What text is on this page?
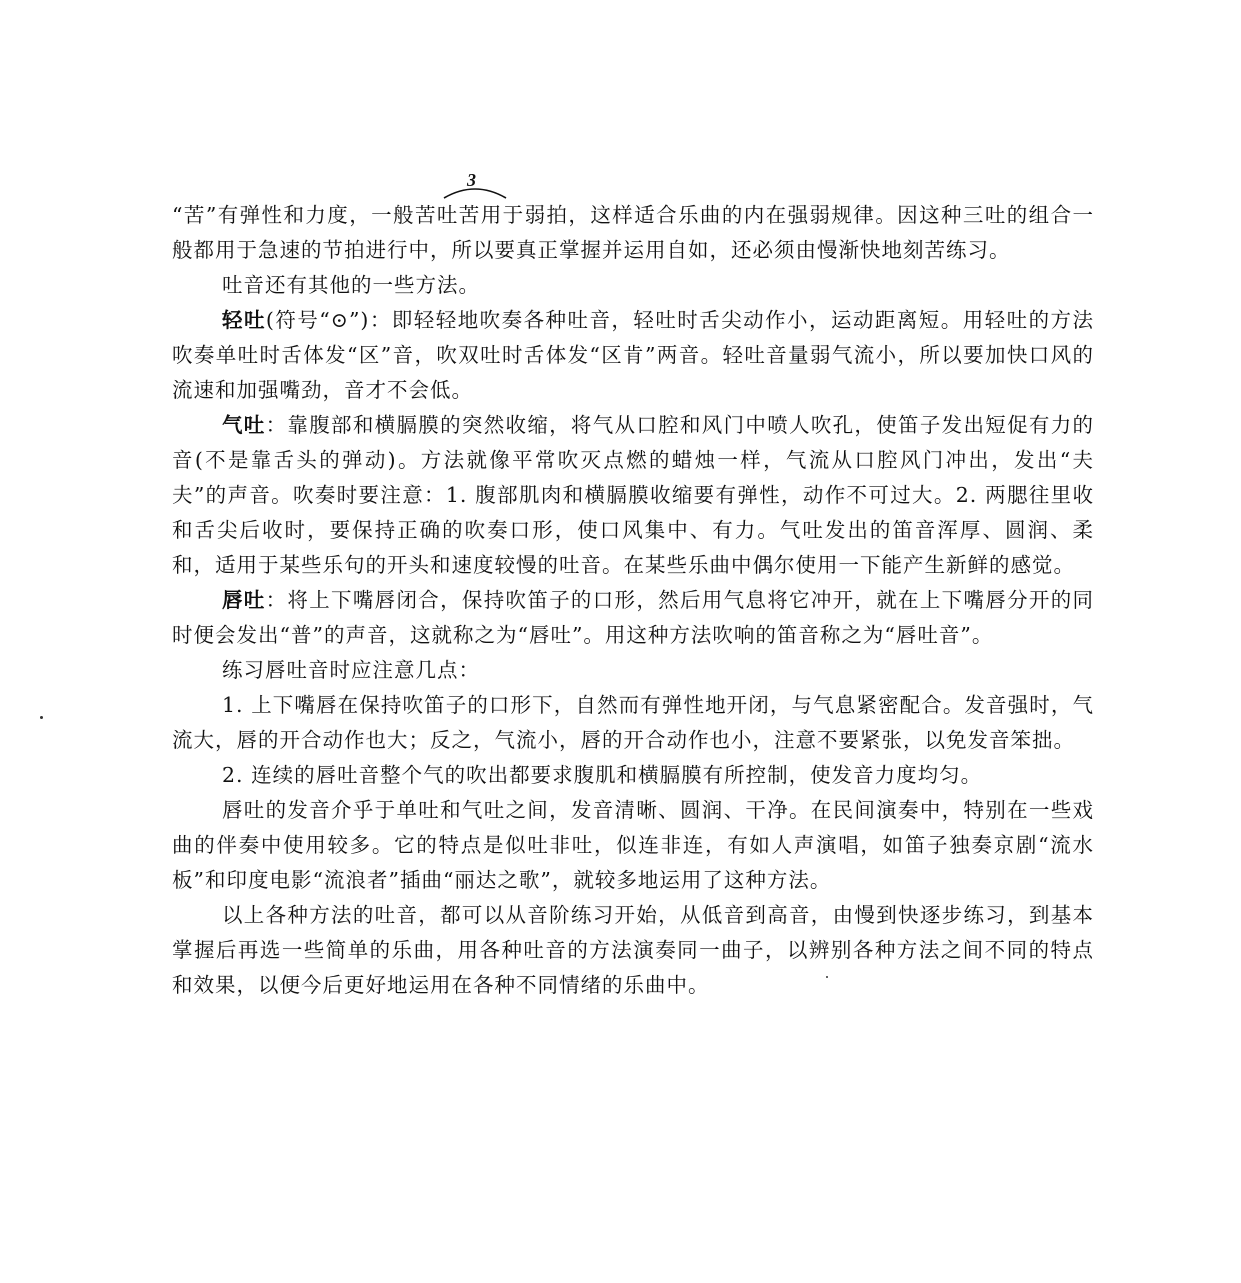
3

“苦”有弹性和力度，一般苦吐苦用于弱拍，这样适合乐曲的内在强弱规律。因这种三吐的组合一般都用于急速的节拍进行中，所以要真正掌握并运用自如，还必须由慢渐快地刻苦练习。

吐音还有其他的一些方法。

轻吐(符号“⊙”)：即轻轻地吹奏各种吐音，轻吐时舌尖动作小，运动距离短。用轻吐的方法吹奏单吐时舌体发“区”音，吹双吐时舌体发“区肯”两音。轻吐音量弱气流小，所以要加快口风的流速和加强嘴劲，音才不会低。

气吐：靠腹部和横膈膜的突然收缩，将气从口腔和风门中喷人吹孔，使笛子发出短促有力的音(不是靠舌头的弹动)。方法就像平常吹灭点燃的蜡烛一样，气流从口腔风门冲出，发出“夫夫”的声音。吹奏时要注意：1. 腹部肌肉和横膈膜收缩要有弹性，动作不可过大。2. 两腮往里收和舌尖后收时，要保持正确的吹奏口形，使口风集中、有力。气吐发出的笛音浑厚、圆润、柔和，适用于某些乐句的开头和速度较慢的吐音。在某些乐曲中偶尔使用一下能产生新鲜的感觉。

唇吐：将上下嘴唇闭合，保持吹笛子的口形，然后用气息将它冲开，就在上下嘴唇分开的同时便会发出“普”的声音，这就称之为“唇吐”。用这种方法吹响的笛音称之为“唇吐音”。

练习唇吐音时应注意几点：

1. 上下嘴唇在保持吹笛子的口形下，自然而有弹性地开闭，与气息紧密配合。发音强时，气流大，唇的开合动作也大；反之，气流小，唇的开合动作也小，注意不要紧张，以免发音笨拙。

2. 连续的唇吐音整个气的吹出都要求腹肌和横膈膜有所控制，使发音力度均匀。

唇吐的发音介乎于单吐和气吐之间，发音清晰、圆润、干净。在民间演奏中，特别在一些戏曲的伴奏中使用较多。它的特点是似吐非吐，似连非连，有如人声演唱，如笛子独奏京剧“流水板”和印度电影“流浪者”插曲“丽达之歌”，就较多地运用了这种方法。

以上各种方法的吐音，都可以从音阶练习开始，从低音到高音，由慢到快逐步练习，到基本掌握后再选一些简单的乐曲，用各种吐音的方法演奏同一曲子，以辨别各种方法之间不同的特点和效果，以便今后更好地运用在各种不同情绪的乐曲中。
